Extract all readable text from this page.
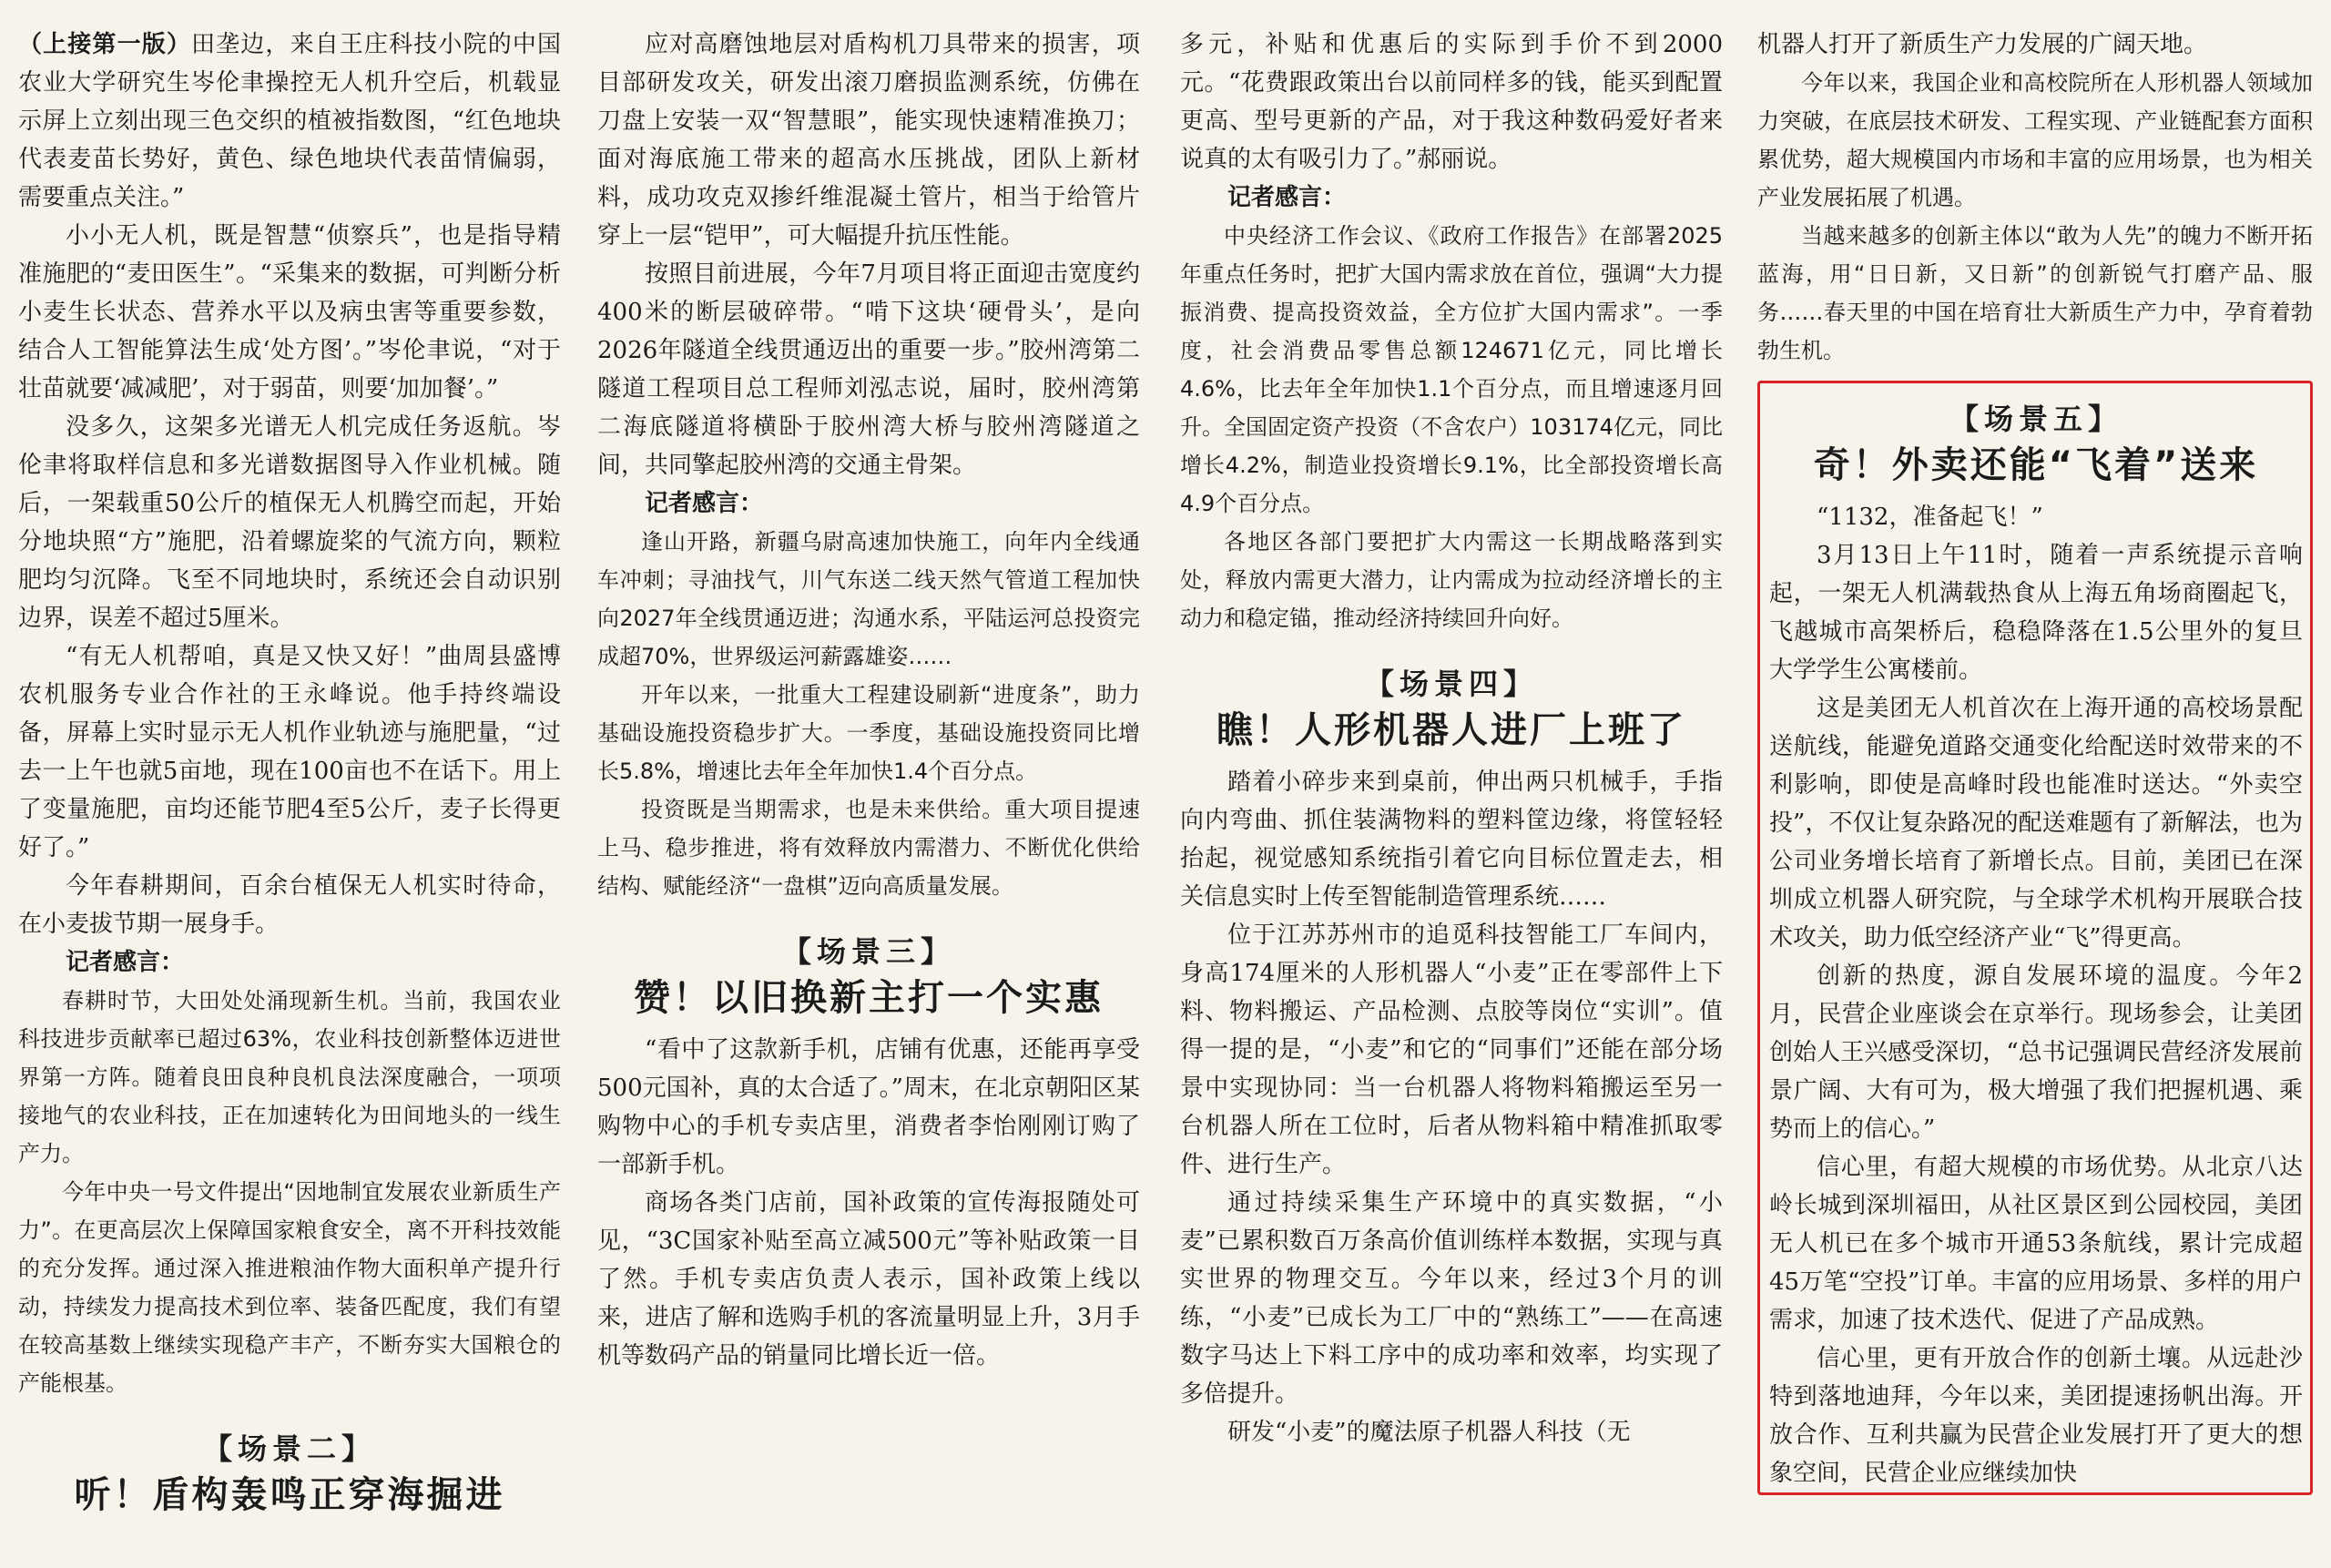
（上接第一版）田垄边，来自王庄科技小院的中国农业大学研究生岑伦聿操控无人机升空后，机载显示屏上立刻出现三色交织的植被指数图，“红色地块代表麦苗长势好，黄色、绿色地块代表苗情偏弱，需要重点关注。”

小小无人机，既是智慧“侦察兵”，也是指导精准施肥的“麦田医生”。“采集来的数据，可判断分析小麦生长状态、营养水平以及病虫害等重要参数，结合人工智能算法生成‘处方图’。”岑伦聿说，“对于壮苗就要‘减减肥’，对于弱苗，则要‘加加餐’。”

没多久，这架多光谱无人机完成任务返航。岑伦聿将取样信息和多光谱数据图导入作业机械。随后，一架载重50公斤的植保无人机腾空而起，开始分地块照“方”施肥，沿着螺旋桨的气流方向，颗粒肥均匀沉降。飞至不同地块时，系统还会自动识别边界，误差不超过5厘米。

“有无人机帮咱，真是又快又好！”曲周县盛博农机服务专业合作社的王永峰说。他手持终端设备，屏幕上实时显示无人机作业轨迹与施肥量，“过去一上午也就5亩地，现在100亩也不在话下。用上了变量施肥，亩均还能节肥4至5公斤，麦子长得更好了。”

今年春耕期间，百余台植保无人机实时待命，在小麦拔节期一展身手。

记者感言：

春耕时节，大田处处涌现新生机。当前，我国农业科技进步贡献率已超过63%，农业科技创新整体迈进世界第一方阵。随着良田良种良机良法深度融合，一项项接地气的农业科技，正在加速转化为田间地头的一线生产力。

今年中央一号文件提出“因地制宜发展农业新质生产力”。在更高层次上保障国家粮食安全，离不开科技效能的充分发挥。通过深入推进粮油作物大面积单产提升行动，持续发力提高技术到位率、装备匹配度，我们有望在较高基数上继续实现稳产丰产，不断夯实大国粮仓的产能根基。

【场景二】
听！盾构轰鸣正穿海掘进

应对高磨蚀地层对盾构机刀具带来的损害，项目部研发攻关，研发出滚刀磨损监测系统，仿佛在刀盘上安装一双“智慧眼”，能实现快速精准换刀；面对海底施工带来的超高水压挑战，团队上新材料，成功攻克双掺纤维混凝土管片，相当于给管片穿上一层“铠甲”，可大幅提升抗压性能。

按照目前进展，今年7月项目将正面迎击宽度约400米的断层破碎带。“啃下这块‘硬骨头’，是向2026年隧道全线贯通迈出的重要一步。”胶州湾第二隧道工程项目总工程师刘泓志说，届时，胶州湾第二海底隧道将横卧于胶州湾大桥与胶州湾隧道之间，共同擎起胶州湾的交通主骨架。

记者感言：

逢山开路，新疆乌尉高速加快施工，向年内全线通车冲刺；寻油找气，川气东送二线天然气管道工程加快向2027年全线贯通迈进；沟通水系，平陆运河总投资完成超70%，世界级运河薪露雄姿……

开年以来，一批重大工程建设刷新“进度条”，助力基础设施投资稳步扩大。一季度，基础设施投资同比增长5.8%，增速比去年全年加快1.4个百分点。

投资既是当期需求，也是未来供给。重大项目提速上马、稳步推进，将有效释放内需潜力、不断优化供给结构、赋能经济“一盘棋”迈向高质量发展。

【场景三】
赞！以旧换新主打一个实惠

“看中了这款新手机，店铺有优惠，还能再享受500元国补，真的太合适了。”周末，在北京朝阳区某购物中心的手机专卖店里，消费者李怡刚刚订购了一部新手机。

商场各类门店前，国补政策的宣传海报随处可见，“3C国家补贴至高立减500元”等补贴政策一目了然。手机专卖店负责人表示，国补政策上线以来，进店了解和选购手机的客流量明显上升，3月手机等数码产品的销量同比增长近一倍。

多元，补贴和优惠后的实际到手价不到2000元。“花费跟政策出台以前同样多的钱，能买到配置更高、型号更新的产品，对于我这种数码爱好者来说真的太有吸引力了。”郝丽说。

记者感言：

中央经济工作会议、《政府工作报告》在部署2025年重点任务时，把扩大国内需求放在首位，强调“大力提振消费、提高投资效益，全方位扩大国内需求”。一季度，社会消费品零售总额124671亿元，同比增长4.6%，比去年全年加快1.1个百分点，而且增速逐月回升。全国固定资产投资（不含农户）103174亿元，同比增长4.2%，制造业投资增长9.1%，比全部投资增长高4.9个百分点。

各地区各部门要把扩大内需这一长期战略落到实处，释放内需更大潜力，让内需成为拉动经济增长的主动力和稳定锚，推动经济持续回升向好。

【场景四】
瞧！人形机器人进厂上班了

踏着小碎步来到桌前，伸出两只机械手，手指向内弯曲、抓住装满物料的塑料筐边缘，将筐轻轻抬起，视觉感知系统指引着它向目标位置走去，相关信息实时上传至智能制造管理系统……

位于江苏苏州市的追觅科技智能工厂车间内，身高174厘米的人形机器人“小麦”正在零部件上下料、物料搬运、产品检测、点胶等岗位“实训”。值得一提的是，“小麦”和它的“同事们”还能在部分场景中实现协同：当一台机器人将物料箱搬运至另一台机器人所在工位时，后者从物料箱中精准抓取零件、进行生产。

通过持续采集生产环境中的真实数据，“小麦”已累积数百万条高价值训练样本数据，实现与真实世界的物理交互。今年以来，经过3个月的训练，“小麦”已成长为工厂中的“熟练工”——在高速数字马达上下料工序中的成功率和效率，均实现了多倍提升。

研发“小麦”的魔法原子机器人科技（无

机器人打开了新质生产力发展的广阔天地。

今年以来，我国企业和高校院所在人形机器人领域加力突破，在底层技术研发、工程实现、产业链配套方面积累优势，超大规模国内市场和丰富的应用场景，也为相关产业发展拓展了机遇。

当越来越多的创新主体以“敢为人先”的魄力不断开拓蓝海，用“日日新，又日新”的创新锐气打磨产品、服务……春天里的中国在培育壮大新质生产力中，孕育着勃勃生机。

【场景五】
奇！外卖还能“飞着”送来

“1132，准备起飞！”

3月13日上午11时，随着一声系统提示音响起，一架无人机满载热食从上海五角场商圈起飞，飞越城市高架桥后，稳稳降落在1.5公里外的复旦大学学生公寓楼前。

这是美团无人机首次在上海开通的高校场景配送航线，能避免道路交通变化给配送时效带来的不利影响，即使是高峰时段也能准时送达。“外卖空投”，不仅让复杂路况的配送难题有了新解法，也为公司业务增长培育了新增长点。目前，美团已在深圳成立机器人研究院，与全球学术机构开展联合技术攻关，助力低空经济产业“飞”得更高。

创新的热度，源自发展环境的温度。今年2月，民营企业座谈会在京举行。现场参会，让美团创始人王兴感受深切，“总书记强调民营经济发展前景广阔、大有可为，极大增强了我们把握机遇、乘势而上的信心。”

信心里，有超大规模的市场优势。从北京八达岭长城到深圳福田，从社区景区到公园校园，美团无人机已在多个城市开通53条航线，累计完成超45万笔“空投”订单。丰富的应用场景、多样的用户需求，加速了技术迭代、促进了产品成熟。

信心里，更有开放合作的创新土壤。从远赴沙特到落地迪拜，今年以来，美团提速扬帆出海。开放合作、互利共赢为民营企业发展打开了更大的想象空间，民营企业应继续加快
